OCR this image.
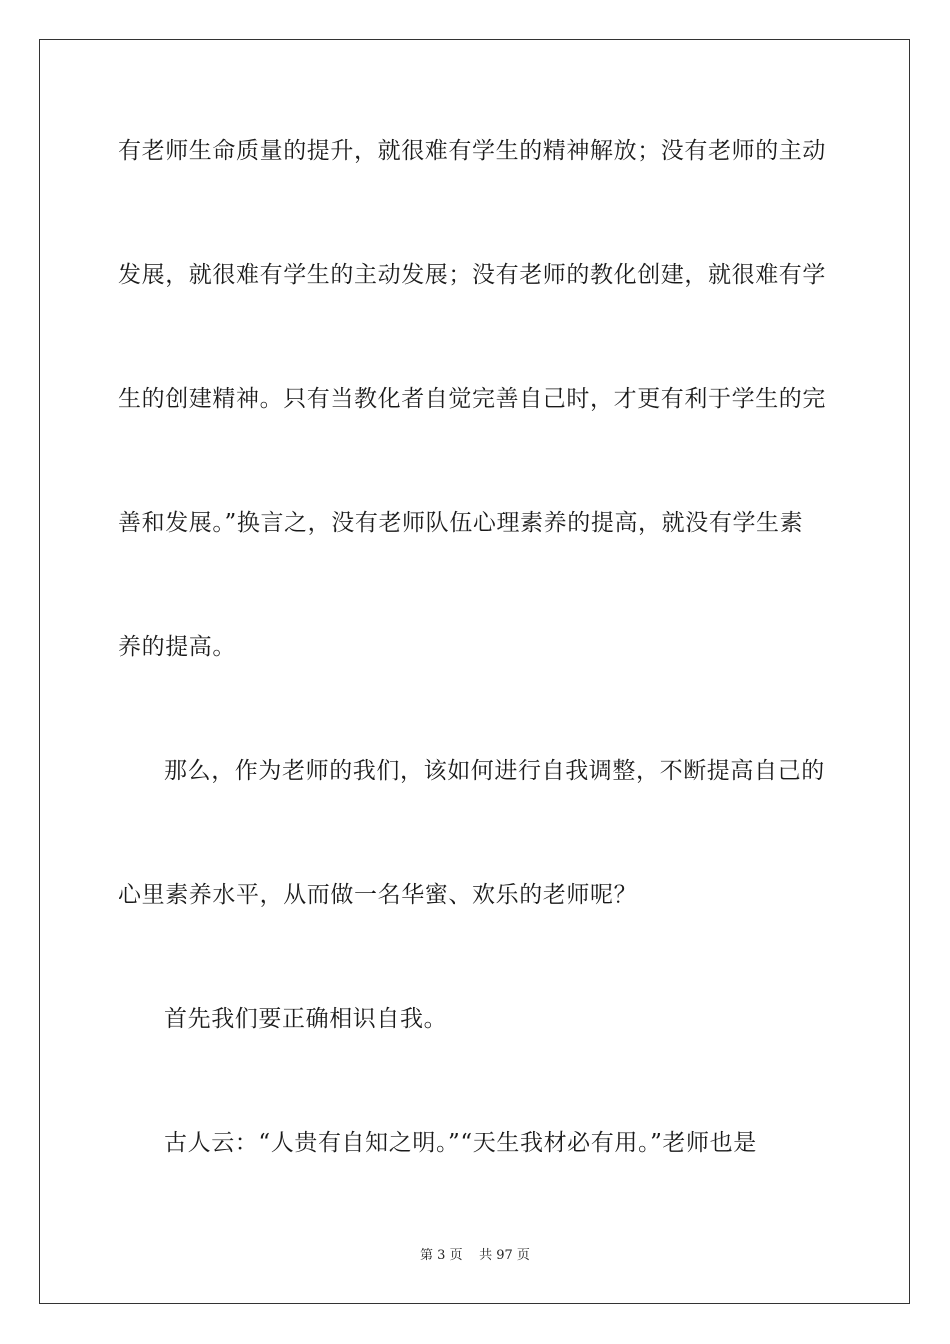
有老师生命质量的提升，就很难有学生的精神解放；没有老师的主动

发展，就很难有学生的主动发展；没有老师的教化创建，就很难有学

生的创建精神。只有当教化者自觉完善自己时，才更有利于学生的完

善和发展。”换言之，没有老师队伍心理素养的提高，就没有学生素

养的提高。

那么，作为老师的我们，该如何进行自我调整，不断提高自己的

心里素养水平，从而做一名华蜜、欢乐的老师呢？

首先我们要正确相识自我。

古人云：“人贵有自知之明。”“天生我材必有用。”老师也是

第 3 页 共 97 页
